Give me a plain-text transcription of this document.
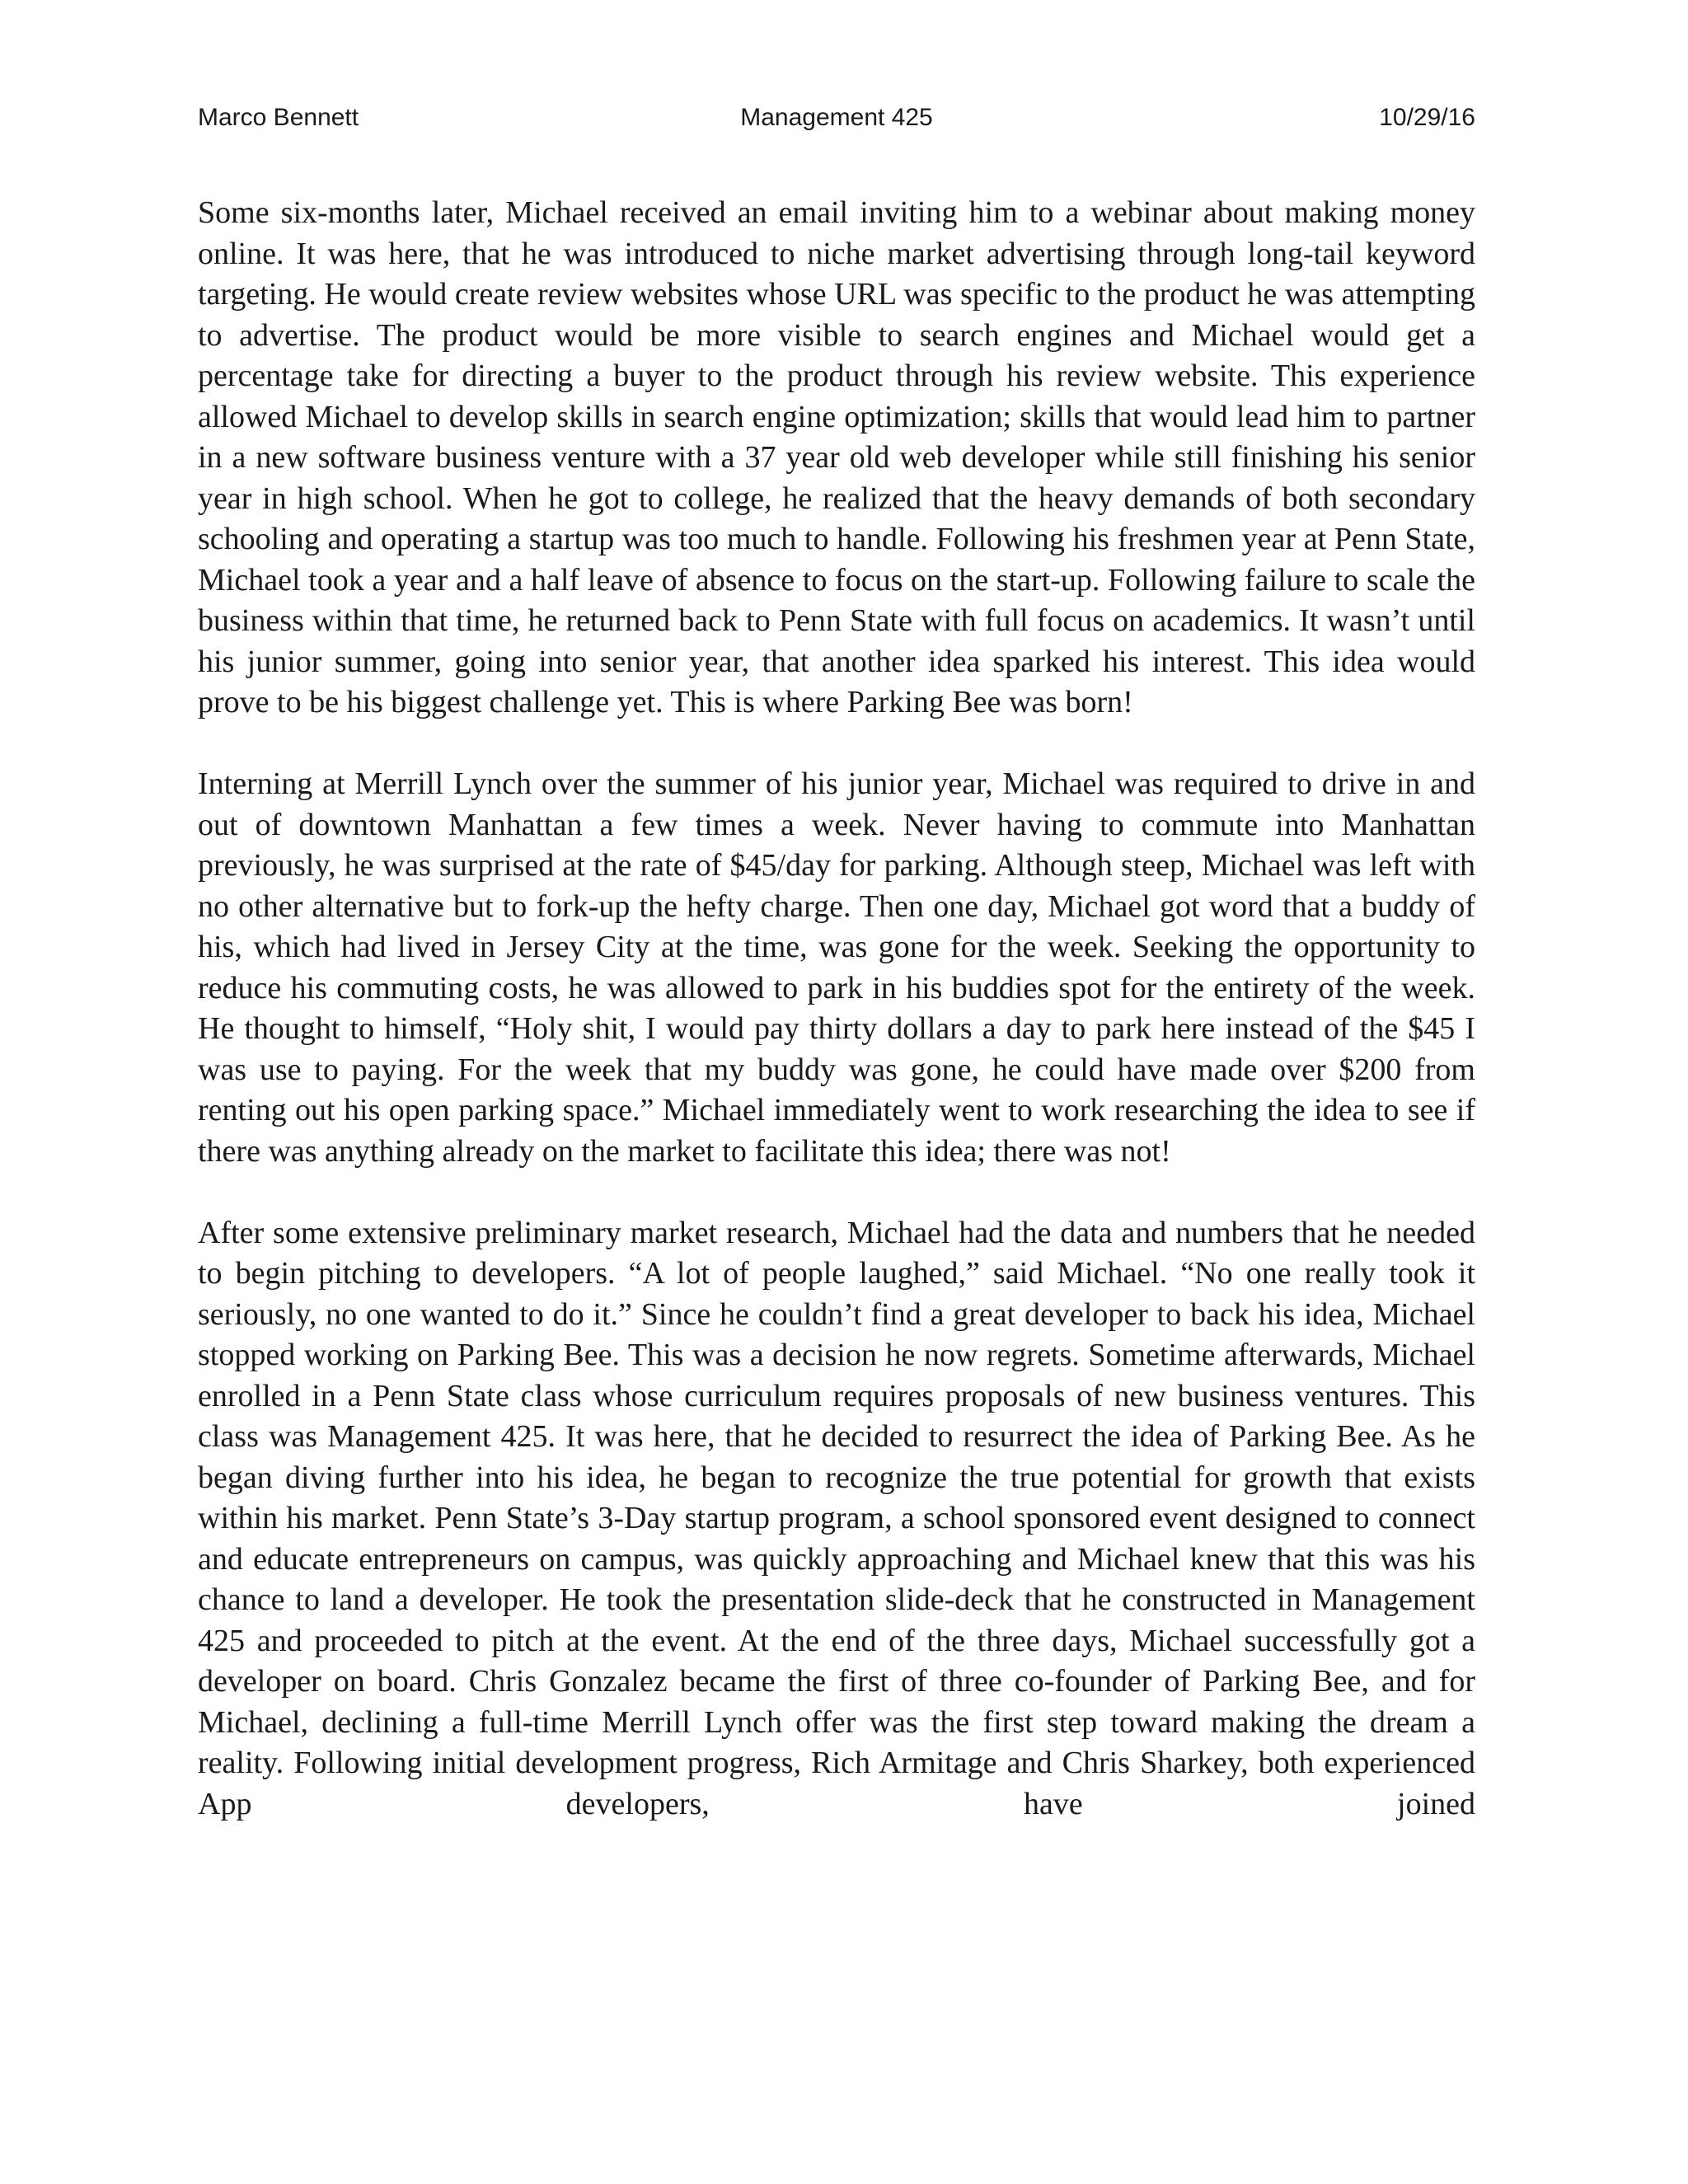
Marco Bennett	Management 425	10/29/16

Some six-months later, Michael received an email inviting him to a webinar about making money online. It was here, that he was introduced to niche market advertising through long-tail keyword targeting. He would create review websites whose URL was specific to the product he was attempting to advertise. The product would be more visible to search engines and Michael would get a percentage take for directing a buyer to the product through his review website. This experience allowed Michael to develop skills in search engine optimization; skills that would lead him to partner in a new software business venture with a 37 year old web developer while still finishing his senior year in high school. When he got to college, he realized that the heavy demands of both secondary schooling and operating a startup was too much to handle. Following his freshmen year at Penn State, Michael took a year and a half leave of absence to focus on the start-up. Following failure to scale the business within that time, he returned back to Penn State with full focus on academics. It wasn’t until his junior summer, going into senior year, that another idea sparked his interest. This idea would prove to be his biggest challenge yet. This is where Parking Bee was born!

Interning at Merrill Lynch over the summer of his junior year, Michael was required to drive in and out of downtown Manhattan a few times a week. Never having to commute into Manhattan previously, he was surprised at the rate of $45/day for parking. Although steep, Michael was left with no other alternative but to fork-up the hefty charge. Then one day, Michael got word that a buddy of his, which had lived in Jersey City at the time, was gone for the week. Seeking the opportunity to reduce his commuting costs, he was allowed to park in his buddies spot for the entirety of the week. He thought to himself, “Holy shit, I would pay thirty dollars a day to park here instead of the $45 I was use to paying. For the week that my buddy was gone, he could have made over $200 from renting out his open parking space.” Michael immediately went to work researching the idea to see if there was anything already on the market to facilitate this idea; there was not!

After some extensive preliminary market research, Michael had the data and numbers that he needed to begin pitching to developers. “A lot of people laughed,” said Michael. “No one really took it seriously, no one wanted to do it.” Since he couldn’t find a great developer to back his idea, Michael stopped working on Parking Bee. This was a decision he now regrets. Sometime afterwards, Michael enrolled in a Penn State class whose curriculum requires proposals of new business ventures. This class was Management 425. It was here, that he decided to resurrect the idea of Parking Bee. As he began diving further into his idea, he began to recognize the true potential for growth that exists within his market. Penn State’s 3-Day startup program, a school sponsored event designed to connect and educate entrepreneurs on campus, was quickly approaching and Michael knew that this was his chance to land a developer. He took the presentation slide-deck that he constructed in Management 425 and proceeded to pitch at the event. At the end of the three days, Michael successfully got a developer on board. Chris Gonzalez became the first of three co-founder of Parking Bee, and for Michael, declining a full-time Merrill Lynch offer was the first step toward making the dream a reality. Following initial development progress, Rich Armitage and Chris Sharkey, both experienced App developers, have joined
